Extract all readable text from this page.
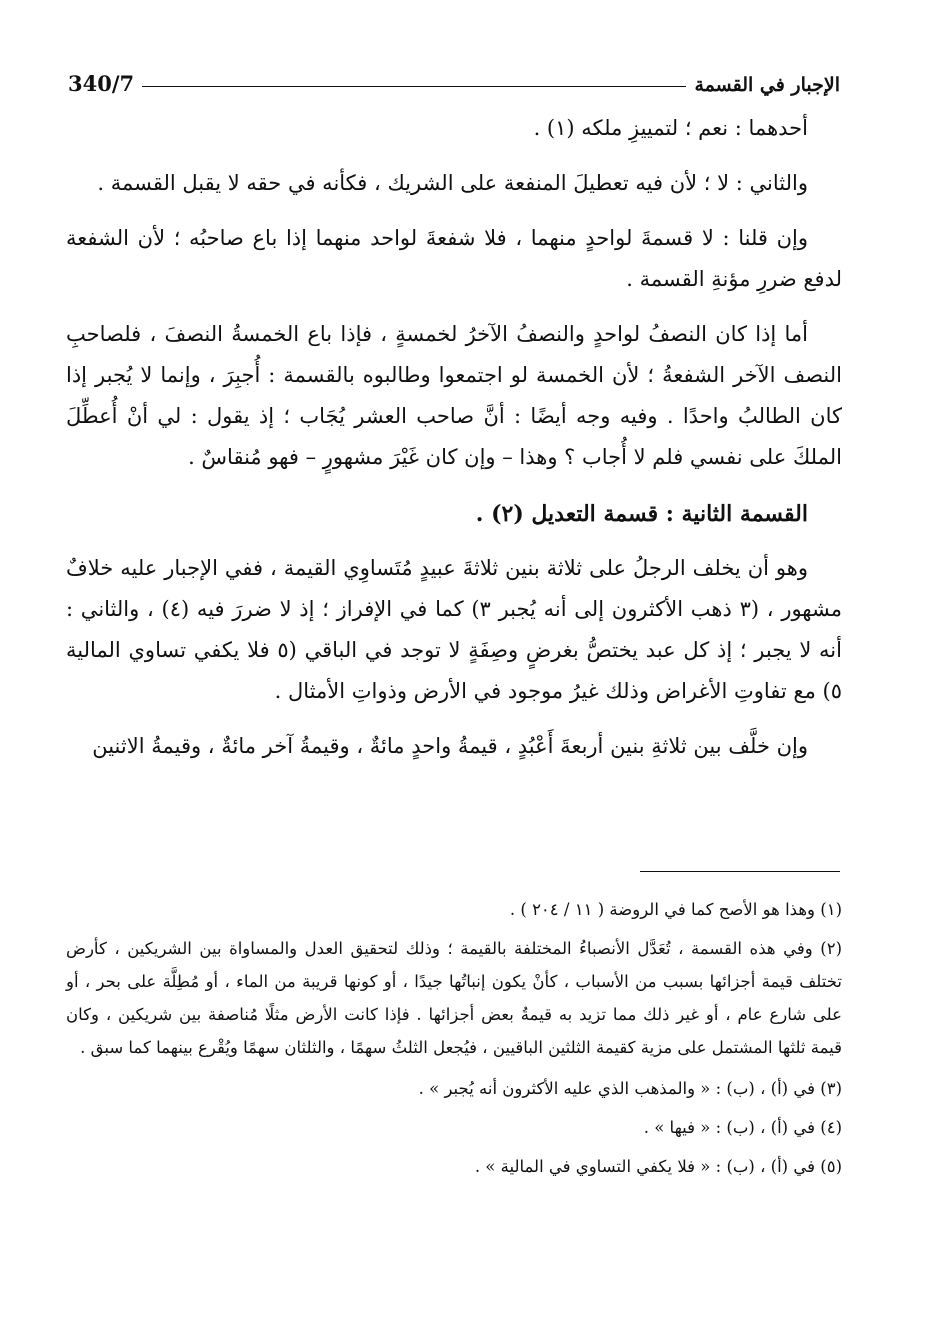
340/7	الإجبار في القسمة

أحدهما : نعم ؛ لتمييزِ ملكه (١) .

والثاني : لا ؛ لأن فيه تعطيلَ المنفعة على الشريك ، فكأنه في حقه لا يقبل القسمة .

وإن قلنا : لا قسمةَ لواحدٍ منهما ، فلا شفعةَ لواحد منهما إذا باع صاحبُه ؛ لأن الشفعة لدفع ضررِ مؤنةِ القسمة .

أما إذا كان النصفُ لواحدٍ والنصفُ الآخرُ لخمسةٍ ، فإذا باع الخمسةُ النصفَ ، فلصاحبِ النصف الآخر الشفعةُ ؛ لأن الخمسة لو اجتمعوا وطالبوه بالقسمة : أُجبِرَ ، وإنما لا يُجبر إذا كان الطالبُ واحدًا . وفيه وجه أيضًا : أنَّ صاحب العشر يُجَاب ؛ إذ يقول : لي أنْ أُعطِّلَ الملكَ على نفسي فلم لا أُجاب ؟ وهذا – وإن كان غَيْرَ مشهورٍ – فهو مُنقاسٌ .

القسمة الثانية : قسمة التعديل (٢) .

وهو أن يخلف الرجلُ على ثلاثة بنين ثلاثةَ عبيدٍ مُتَساوِي القيمة ، ففي الإجبار عليه خلافٌ مشهور ، (٣ ذهب الأكثرون إلى أنه يُجبر ٣) كما في الإفراز ؛ إذ لا ضررَ فيه (٤) ، والثاني : أنه لا يجبر ؛ إذ كل عبد يختصُّ بغرضٍ وصِفَةٍ لا توجد في الباقي (٥ فلا يكفي تساوي المالية ٥) مع تفاوتِ الأغراض وذلك غيرُ موجود في الأرض وذواتِ الأمثال .

وإن خلَّف بين ثلاثةِ بنين أربعةَ أَعْبُدٍ ، قيمةُ واحدٍ مائةٌ ، وقيمةُ آخر مائةٌ ، وقيمةُ الاثنين

(١) وهذا هو الأصح كما في الروضة ( ١١ / ٢٠٤ ) .

(٢) وفي هذه القسمة ، تُعَدَّل الأنصباءُ المختلفة بالقيمة ؛ وذلك لتحقيق العدل والمساواة بين الشريكين ، كأرض تختلف قيمة أجزائها بسبب من الأسباب ، كأنْ يكون إنباتُها جيدًا ، أو كونها قريبة من الماء ، أو مُطِلَّة على بحر ، أو على شارع عام ، أو غير ذلك مما تزيد به قيمةُ بعض أجزائها . فإذا كانت الأرض مثلًا مُناصفة بين شريكين ، وكان قيمة ثلثها المشتمل على مزية كقيمة الثلثين الباقيين ، فيُجعل الثلثُ سهمًا ، والثلثان سهمًا ويُقْرع بينهما كما سبق .

(٣) في (أ) ، (ب) : « والمذهب الذي عليه الأكثرون أنه يُجبر » .

(٤) في (أ) ، (ب) : « فيها » .

(٥) في (أ) ، (ب) : « فلا يكفي التساوي في المالية » .
